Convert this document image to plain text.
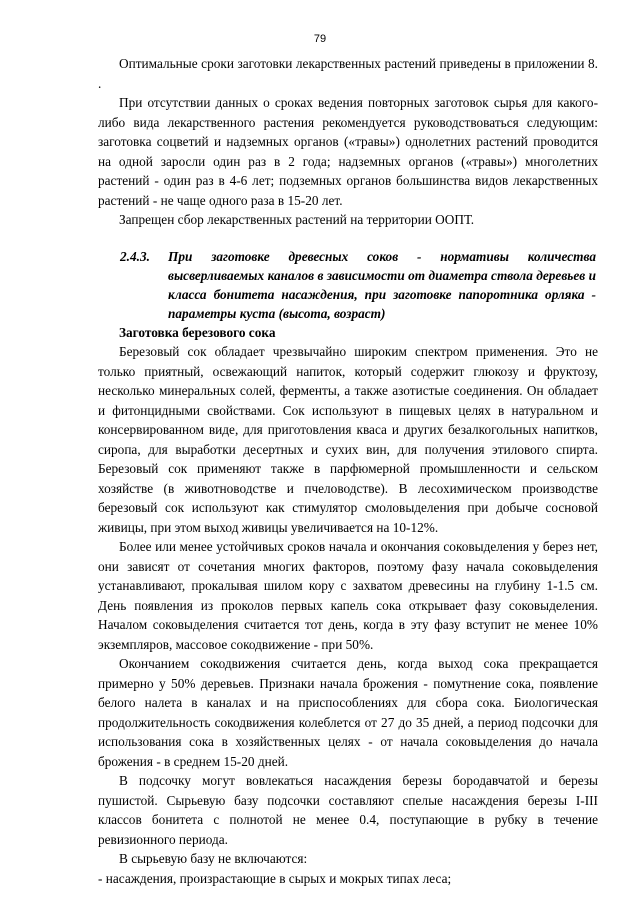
79

Оптимальные сроки заготовки лекарственных растений приведены в приложении 8. .

При отсутствии данных о сроках ведения повторных заготовок сырья для какого-либо вида лекарственного растения рекомендуется руководствоваться следующим: заготовка соцветий и надземных органов («травы») однолетних растений проводится на одной заросли один раз в 2 года; надземных органов («травы») многолетних растений - один раз в 4-6 лет; подземных органов большинства видов лекарственных растений - не чаще одного раза в 15-20 лет.

Запрещен сбор лекарственных растений на территории ООПТ.

2.4.3.	При заготовке древесных соков - нормативы количества высверливаемых каналов в зависимости от диаметра ствола деревьев и класса бонитета насаждения, при заготовке папоротника орляка - параметры куста (высота, возраст)

Заготовка березового сока

Березовый сок обладает чрезвычайно широким спектром применения. Это не только приятный, освежающий напиток, который содержит глюкозу и фруктозу, несколько минеральных солей, ферменты, а также азотистые соединения. Он обладает и фитонцидными свойствами. Сок используют в пищевых целях в натуральном и консервированном виде, для приготовления кваса и других безалкогольных напитков, сиропа, для выработки десертных и сухих вин, для получения этилового спирта. Березовый сок применяют также в парфюмерной промышленности и сельском хозяйстве (в животноводстве и пчеловодстве). В лесохимическом производстве березовый сок используют как стимулятор смоловыделения при добыче сосновой живицы, при этом выход живицы увеличивается на 10-12%.

Более или менее устойчивых сроков начала и окончания соковыделения у берез нет, они зависят от сочетания многих факторов, поэтому фазу начала соковыделения устанавливают, прокалывая шилом кору с захватом древесины на глубину 1-1.5 см. День появления из проколов первых капель сока открывает фазу соковыделения. Началом соковыделения считается тот день, когда в эту фазу вступит не менее 10% экземпляров, массовое сокодвижение - при 50%.

Окончанием сокодвижения считается день, когда выход сока прекращается примерно у 50% деревьев. Признаки начала брожения - помутнение сока, появление белого налета в каналах и на приспособлениях для сбора сока. Биологическая продолжительность сокодвижения колеблется от 27 до 35 дней, а период подсочки для использования сока в хозяйственных целях - от начала соковыделения до начала брожения - в среднем 15-20 дней.

В подсочку могут вовлекаться насаждения березы бородавчатой и березы пушистой. Сырьевую базу подсочки составляют спелые насаждения березы I-III классов бонитета с полнотой не менее 0.4, поступающие в рубку в течение ревизионного периода.

В сырьевую базу не включаются:

- насаждения, произрастающие в сырых и мокрых типах леса;
